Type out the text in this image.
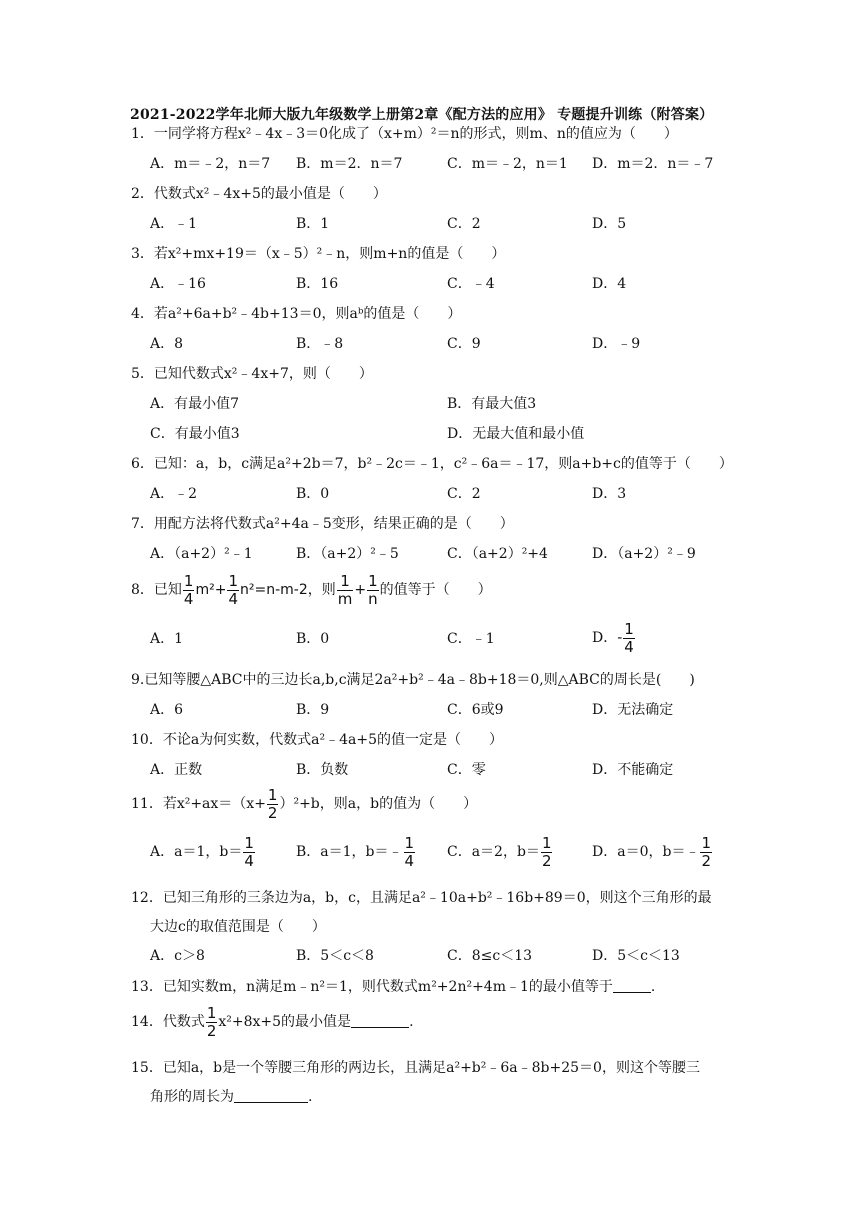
2021-2022学年北师大版九年级数学上册第2章《配方法的应用》 专题提升训练（附答案）
1．一同学将方程x²﹣4x﹣3＝0化成了（x+m）²＝n的形式，则m、n的值应为（　　）
A．m＝﹣2，n＝7 B．m＝2．n＝7	C．m＝﹣2，n＝1 D．m＝2．n＝﹣7
2．代数式x²﹣4x+5的最小值是（　　）
A．﹣1	B．1	C．2	D．5
3．若x²+mx+19＝（x﹣5）²﹣n，则m+n的值是（　　）
A．﹣16	B．16	C．﹣4	D．4
4．若a²+6a+b²﹣4b+13＝0，则aᵇ的值是（　　）
A．8	B．﹣8	C．9	D．﹣9
5．已知代数式x²﹣4x+7，则（　　）
A．有最小值7	B．有最大值3
C．有最小值3	D．无最大值和最小值
6．已知：a，b，c满足a²+2b＝7，b²﹣2c＝﹣1，c²﹣6a＝﹣17，则a+b+c的值等于（　　）
A．﹣2	B．0	C．2	D．3
7．用配方法将代数式a²+4a﹣5变形，结果正确的是（　　）
A．（a+2）²﹣1	B．（a+2）²﹣5	C．（a+2）²+4	D．（a+2）²﹣9
8．已知 $\frac{1}{4} m^2+ \frac{1}{4} n^2=n-m-2$，则 $\frac{1}{m} + \frac{1}{n}$ 的值等于（　　）
A．1	B．0	C．﹣1	D．- $\frac{1}{4}$
9.已知等腰△ABC中的三边长a,b,c满足2a²+b²﹣4a﹣8b+18＝0,则△ABC的周长是(　　)
A．6	B．9	C．6或9	D．无法确定
10．不论a为何实数，代数式a²﹣4a+5的值一定是（　　）
A．正数	B．负数	C．零	D．不能确定
11．若$x^2+ax=(x+ \frac{1}{2} )^2+b$，则a，b的值为（　　）
A．a＝1，$b= \frac{1}{4}$	B．a＝1，b＝﹣ $\frac{1}{4}$ C．a＝2，$b= \frac{1}{2}$	D．a＝0，b＝﹣ $\frac{1}{2}$
12．已知三角形的三条边为a，b，c，且满足a²﹣10a+b²﹣16b+89＝0，则这个三角形的最
大边c的取值范围是（　　）
A．c＞8	B．5＜c＜8	C．8≤c＜13	D．5＜c＜13
13．已知实数m，n满足m﹣n²＝1，则代数式m²+2n²+4m﹣1的最小值等于	.
14．代数式 $\frac{1}{2} x^2+8x+5$的最小值是	.
15．已知a，b是一个等腰三角形的两边长，且满足a²+b²﹣6a﹣8b+25＝0，则这个等腰三
角形的周长为	.
